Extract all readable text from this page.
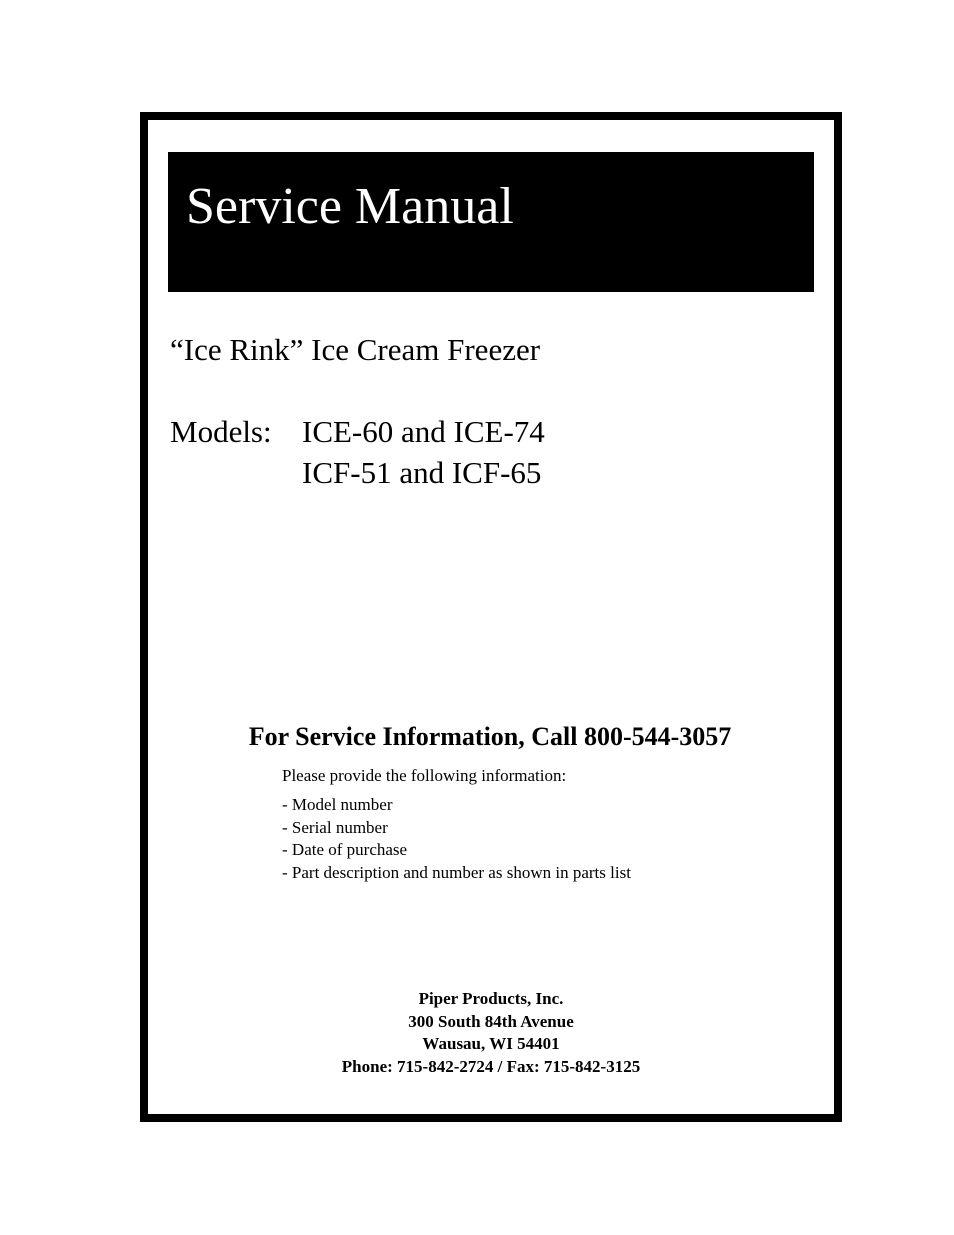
Service Manual
“Ice Rink” Ice Cream Freezer
Models: ICE-60 and ICE-74
ICF-51 and ICF-65
For Service Information, Call 800-544-3057
Please provide the following information:
- Model number
- Serial number
- Date of purchase
- Part description and number as shown in parts list
Piper Products, Inc.
300 South 84th Avenue
Wausau, WI 54401
Phone: 715-842-2724 / Fax: 715-842-3125
